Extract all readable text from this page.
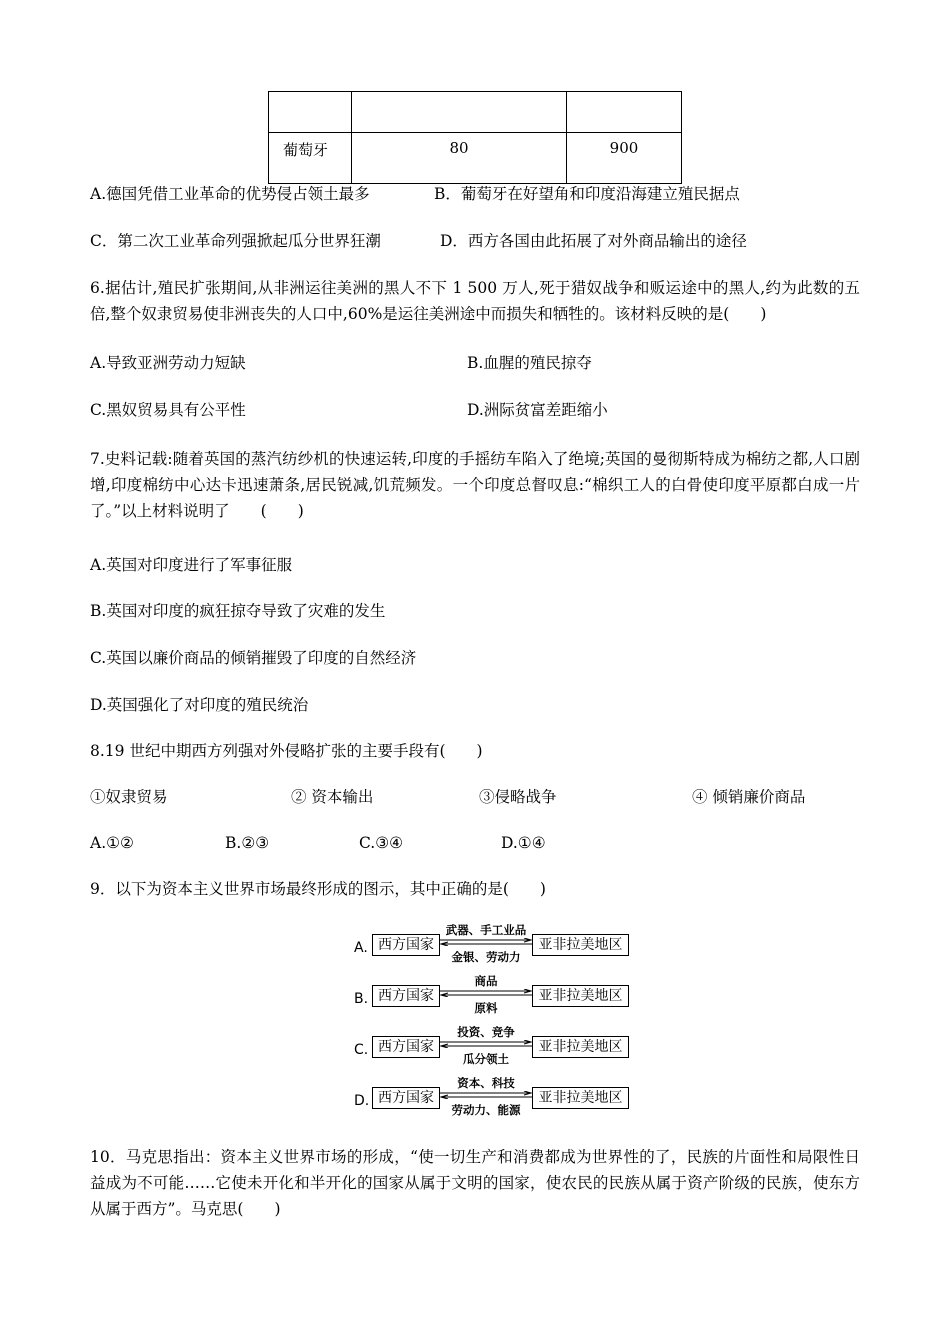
葡萄牙	80	900
A.德国凭借工业革命的优势侵占领土最多	B．葡萄牙在好望角和印度沿海建立殖民据点
C．第二次工业革命列强掀起瓜分世界狂潮	D．西方各国由此拓展了对外商品输出的途径
6.据估计,殖民扩张期间,从非洲运往美洲的黑人不下 1 500 万人,死于猎奴战争和贩运途中的黑人,约为此数的五倍,整个奴隶贸易使非洲丧失的人口中,60%是运往美洲途中而损失和牺牲的。该材料反映的是(　　)
A.导致亚洲劳动力短缺	B.血腥的殖民掠夺
C.黑奴贸易具有公平性	D.洲际贫富差距缩小
7.史料记载:随着英国的蒸汽纺纱机的快速运转,印度的手摇纺车陷入了绝境;英国的曼彻斯特成为棉纺之都,人口剧增,印度棉纺中心达卡迅速萧条,居民锐减,饥荒频发。一个印度总督叹息:“棉织工人的白骨使印度平原都白成一片了。”以上材料说明了　　(　　)
A.英国对印度进行了军事征服
B.英国对印度的疯狂掠夺导致了灾难的发生
C.英国以廉价商品的倾销摧毁了印度的自然经济
D.英国强化了对印度的殖民统治
8.19 世纪中期西方列强对外侵略扩张的主要手段有(　　)
①奴隶贸易	② 资本输出	③侵略战争	④ 倾销廉价商品
A.①②	B.②③	C.③④	D.①④
9．以下为资本主义世界市场最终形成的图示，其中正确的是(　　)
A. 西方国家
武器、手工业品
金银、劳动力
亚非拉美地区
B. 西方国家
商品
原料
亚非拉美地区
C. 西方国家
投资、竞争
瓜分领土
亚非拉美地区
D. 西方国家
资本、科技
劳动力、能源
亚非拉美地区
10．马克思指出：资本主义世界市场的形成，“使一切生产和消费都成为世界性的了，民族的片面性和局限性日益成为不可能……它使未开化和半开化的国家从属于文明的国家，使农民的民族从属于资产阶级的民族，使东方从属于西方”。马克思(　　)
